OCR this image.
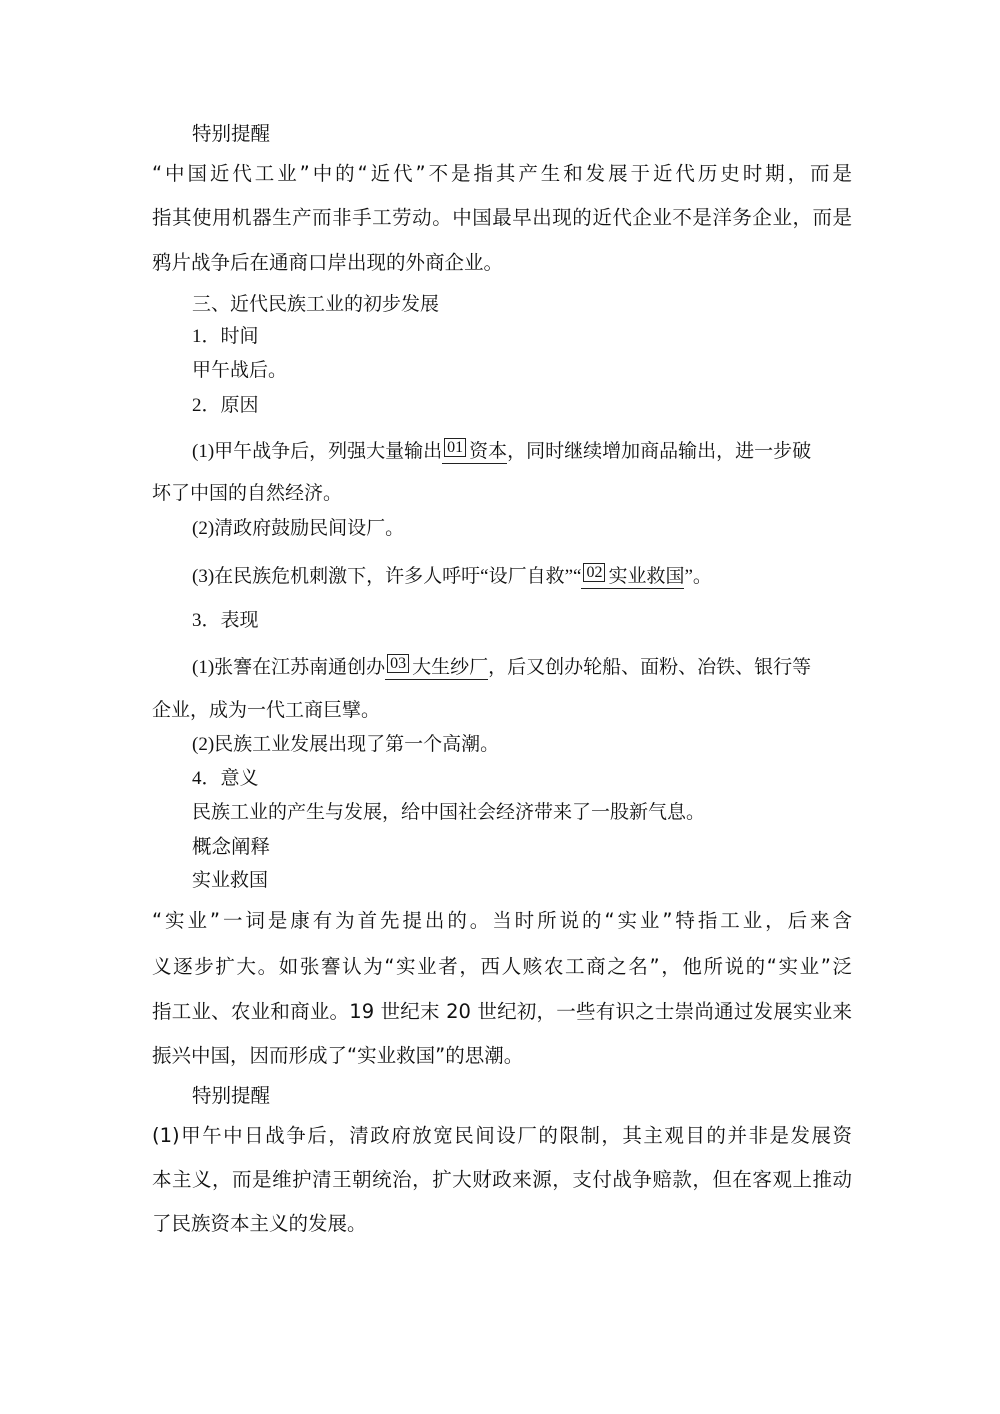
特别提醒
“中国近代工业”中的“近代”不是指其产生和发展于近代历史时期，而是
指其使用机器生产而非手工劳动。中国最早出现的近代企业不是洋务企业，而是
鸦片战争后在通商口岸出现的外商企业。
三、近代民族工业的初步发展
1．时间
甲午战后。
2．原因
(1)甲午战争后，列强大量输出 01 资本
，同时继续增加商品输出，进一步破
坏了中国的自然经济。
(2)清政府鼓励民间设厂。
(3)在民族危机刺激下，许多人呼吁“设厂自救”“ 02 实业救国
”。
3．表现
(1)张謇在江苏南通创办 03 大生纱厂
，后又创办轮船、面粉、冶铁、银行等
企业，成为一代工商巨擘。
(2)民族工业发展出现了第一个高潮。
4．意义
民族工业的产生与发展，给中国社会经济带来了一股新气息。
概念阐释
实业救国
“实业”一词是康有为首先提出的。当时所说的“实业”特指工业，后来含
义逐步扩大。如张謇认为“实业者，西人赅农工商之名”，他所说的“实业”泛
指工业、农业和商业。19 世纪末 20 世纪初，一些有识之士崇尚通过发展实业来
振兴中国，因而形成了“实业救国”的思潮。
特别提醒
(1)甲午中日战争后，清政府放宽民间设厂的限制，其主观目的并非是发展资
本主义，而是维护清王朝统治，扩大财政来源，支付战争赔款，但在客观上推动
了民族资本主义的发展。
